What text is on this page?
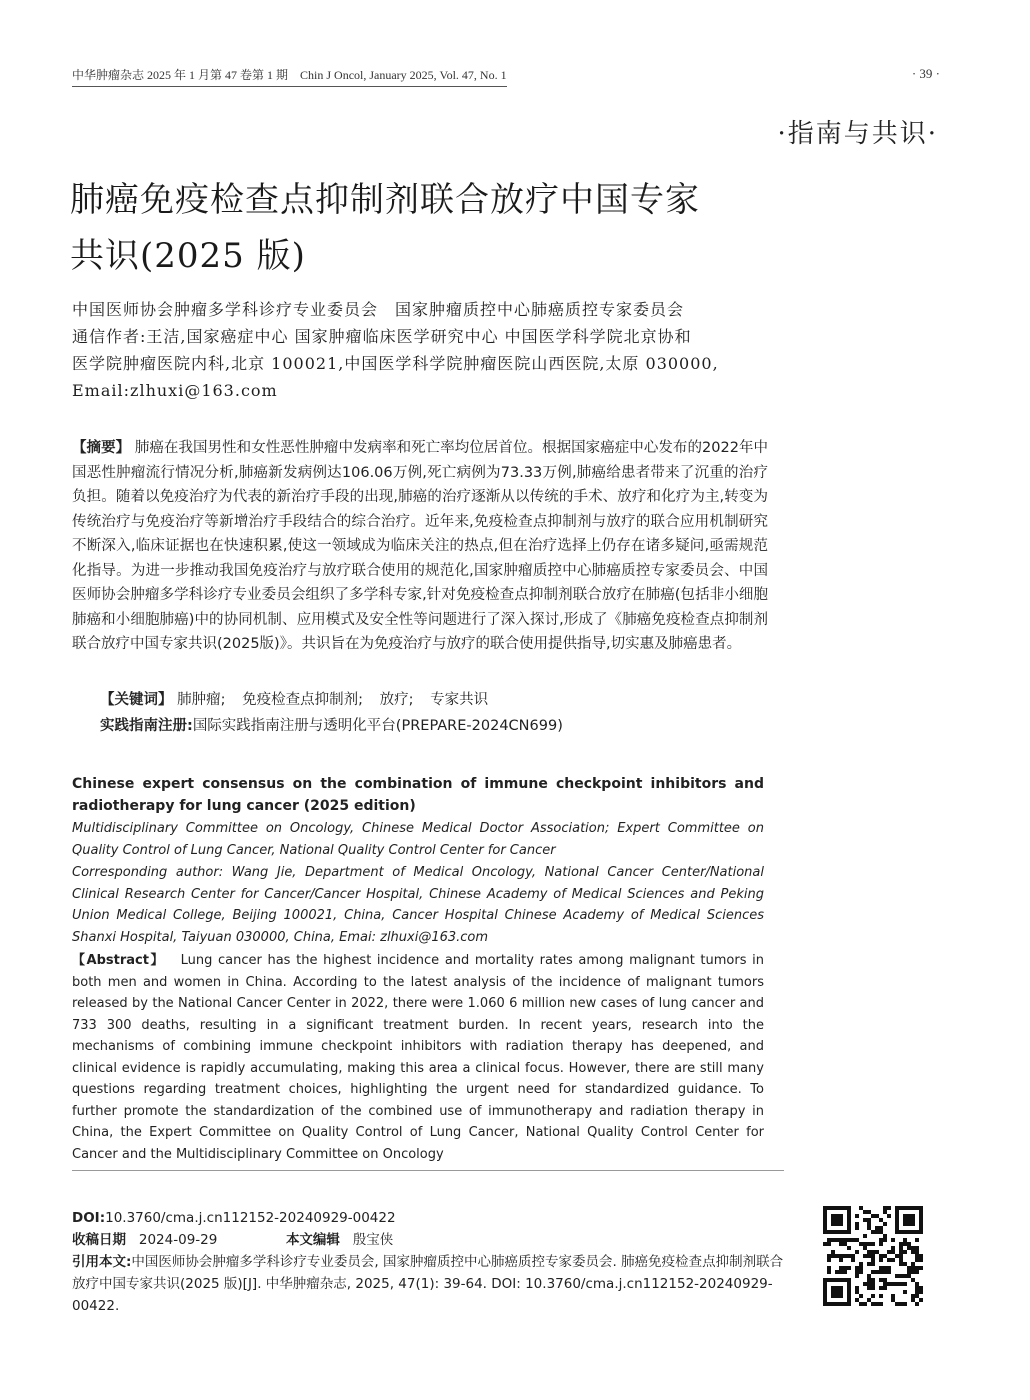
中华肿瘤杂志 2025 年 1 月第 47 卷第 1 期 Chin J Oncol, January 2025, Vol. 47, No. 1	· 39 ·
·指南与共识·
肺癌免疫检查点抑制剂联合放疗中国专家
共识(2025 版)

中国医师协会肿瘤多学科诊疗专业委员会　国家肿瘤质控中心肺癌质控专家委员会

通信作者:王洁,国家癌症中心 国家肿瘤临床医学研究中心 中国医学科学院北京协和

医学院肿瘤医院内科,北京 100021,中国医学科学院肿瘤医院山西医院,太原 030000,

Email:zlhuxi@163.com

【摘要】 肺癌在我国男性和女性恶性肿瘤中发病率和死亡率均位居首位。根据国家癌症中心发布的2022年中国恶性肿瘤流行情况分析,肺癌新发病例达106.06万例,死亡病例为73.33万例,肺癌给患者带来了沉重的治疗负担。随着以免疫治疗为代表的新治疗手段的出现,肺癌的治疗逐渐从以传统的手术、放疗和化疗为主,转变为传统治疗与免疫治疗等新增治疗手段结合的综合治疗。近年来,免疫检查点抑制剂与放疗的联合应用机制研究不断深入,临床证据也在快速积累,使这一领域成为临床关注的热点,但在治疗选择上仍存在诸多疑问,亟需规范化指导。为进一步推动我国免疫治疗与放疗联合使用的规范化,国家肿瘤质控中心肺癌质控专家委员会、中国医师协会肿瘤多学科诊疗专业委员会组织了多学科专家,针对免疫检查点抑制剂联合放疗在肺癌(包括非小细胞肺癌和小细胞肺癌)中的协同机制、应用模式及安全性等问题进行了深入探讨,形成了《肺癌免疫检查点抑制剂联合放疗中国专家共识(2025版)》。共识旨在为免疫治疗与放疗的联合使用提供指导,切实惠及肺癌患者。
【关键词】 肺肿瘤; 免疫检查点抑制剂; 放疗; 专家共识
实践指南注册:国际实践指南注册与透明化平台(PREPARE-2024CN699)
Chinese expert consensus on the combination of immune checkpoint inhibitors and radiotherapy for lung cancer (2025 edition)
Multidisciplinary Committee on Oncology, Chinese Medical Doctor Association; Expert Committee on Quality Control of Lung Cancer, National Quality Control Center for Cancer
Corresponding author: Wang Jie, Department of Medical Oncology, National Cancer Center/National Clinical Research Center for Cancer/Cancer Hospital, Chinese Academy of Medical Sciences and Peking Union Medical College, Beijing 100021, China, Cancer Hospital Chinese Academy of Medical Sciences Shanxi Hospital, Taiyuan 030000, China, Emai: zlhuxi@163.com
【Abstract】 Lung cancer has the highest incidence and mortality rates among malignant tumors in both men and women in China. According to the latest analysis of the incidence of malignant tumors released by the National Cancer Center in 2022, there were 1.060 6 million new cases of lung cancer and 733 300 deaths, resulting in a significant treatment burden. In recent years, research into the mechanisms of combining immune checkpoint inhibitors with radiation therapy has deepened, and clinical evidence is rapidly accumulating, making this area a clinical focus. However, there are still many questions regarding treatment choices, highlighting the urgent need for standardized guidance. To further promote the standardization of the combined use of immunotherapy and radiation therapy in China, the Expert Committee on Quality Control of Lung Cancer, National Quality Control Center for Cancer and the Multidisciplinary Committee on Oncology
DOI:10.3760/cma.j.cn112152-20240929-00422
收稿日期 2024-09-29	本文编辑 殷宝侠
引用本文:中国医师协会肿瘤多学科诊疗专业委员会, 国家肿瘤质控中心肺癌质控专家委员会. 肺癌免疫检查点抑制剂联合放疗中国专家共识(2025 版)[J]. 中华肿瘤杂志, 2025, 47(1): 39-64. DOI: 10.3760/cma.j.cn112152-20240929-00422.
